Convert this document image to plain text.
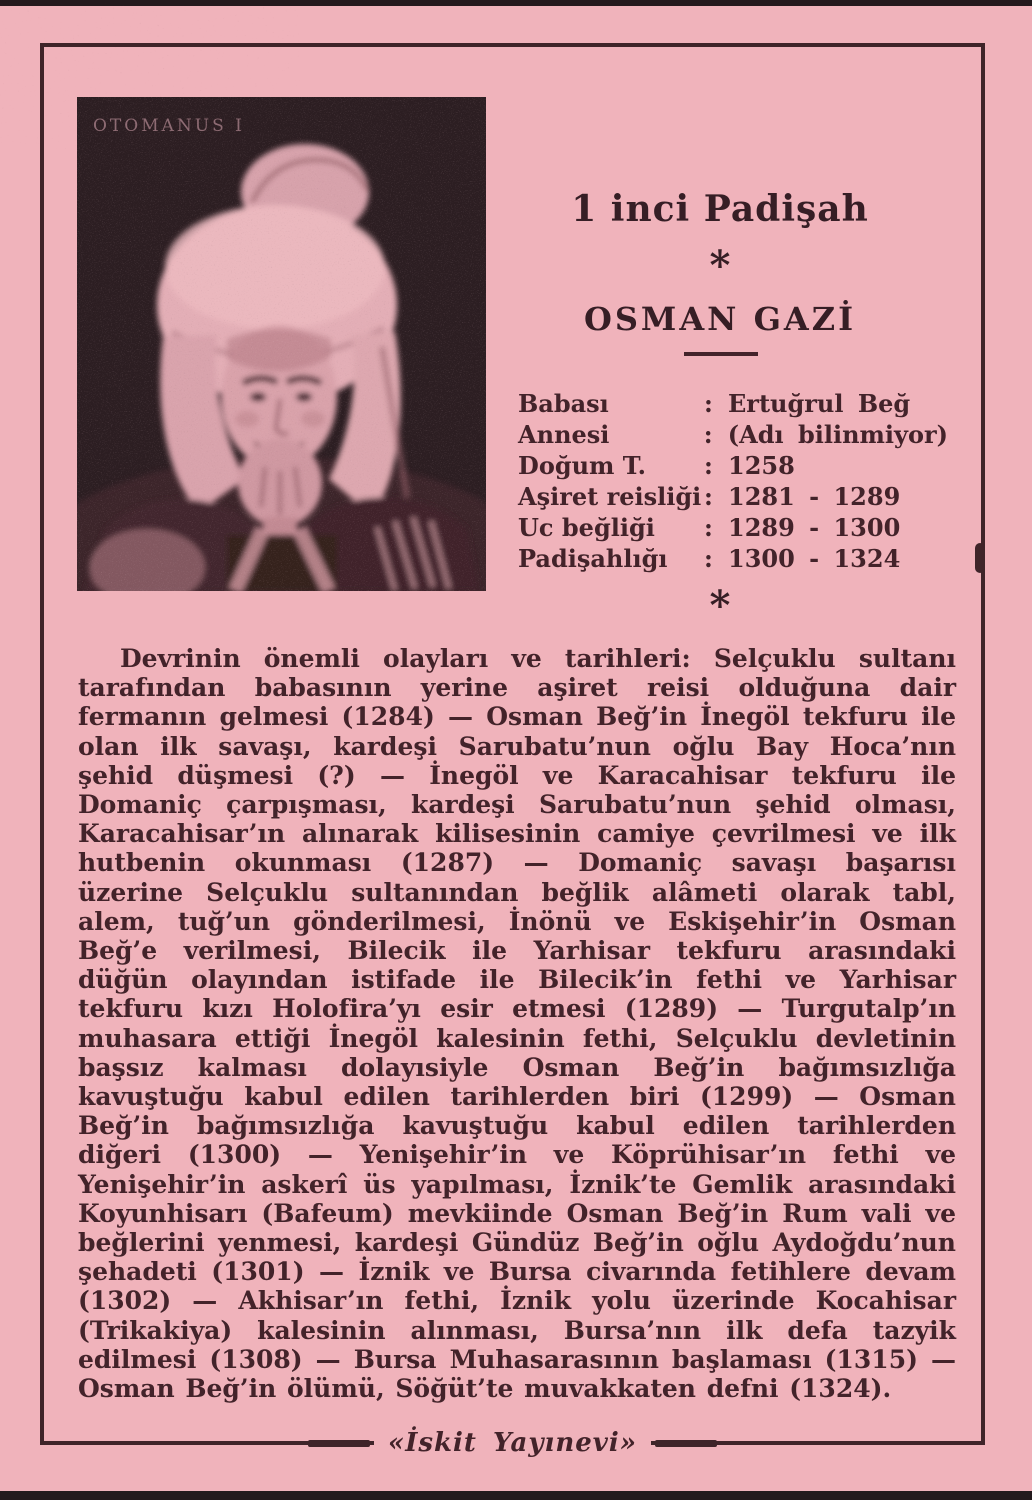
1 inci Padişah
*
OSMAN GAZİ
Babası	: Ertuğrul Beğ
Annesi	: (Adı bilinmiyor)
Doğum T.	: 1258
Aşiret reisliği : 1281 - 1289
Uc beğliği	: 1289 - 1300
Padişahlığı	: 1300 - 1324
*
Devrinin önemli olayları ve tarihleri: Selçuklu sultanı tarafından babasının yerine aşiret reisi olduğuna dair fermanın gelmesi (1284) — Osman Beğ’in İnegöl tekfuru ile olan ilk savaşı, kardeşi Sarubatu’nun oğlu Bay Hoca’nın şehid düşmesi (?) — İnegöl ve Karacahisar tekfuru ile Domaniç çarpışması, kardeşi Sarubatu’nun şehid olması, Karacahisar’ın alınarak kilisesinin camiye çevrilmesi ve ilk hutbenin okunması (1287) — Domaniç savaşı başarısı üzerine Selçuklu sultanından beğlik alâmeti olarak tabl, alem, tuğ’un gönderilmesi, İnönü ve Eskişehir’in Osman Beğ’e verilmesi, Bilecik ile Yarhisar tekfuru arasındaki düğün olayından istifade ile Bilecik’in fethi ve Yarhisar tekfuru kızı Holofira’yı esir etmesi (1289) — Turgutalp’ın muhasara ettiği İnegöl kalesinin fethi, Selçuklu devletinin başsız kalması dolayısiyle Osman Beğ’in bağımsızlığa kavuştuğu kabul edilen tarihlerden biri (1299) — Osman Beğ’in bağımsızlığa kavuştuğu kabul edilen tarihlerden diğeri (1300) — Yenişehir’in ve Köprühisar’ın fethi ve Yenişehir’in askerî üs yapılması, İznik’te Gemlik arasındaki Koyunhisarı (Bafeum) mevkiinde Osman Beğ’in Rum vali ve beğlerini yenmesi, kardeşi Gündüz Beğ’in oğlu Aydoğdu’nun şehadeti (1301) — İznik ve Bursa civarında fetihlere devam (1302) — Akhisar’ın fethi, İznik yolu üzerinde Kocahisar (Trikakiya) kalesinin alınması, Bursa’nın ilk defa tazyik edilmesi (1308) — Bursa Muhasarasının başlaması (1315) — Osman Beğ’in ölümü, Söğüt’te muvakkaten defni (1324).
«İskit Yayınevi»
